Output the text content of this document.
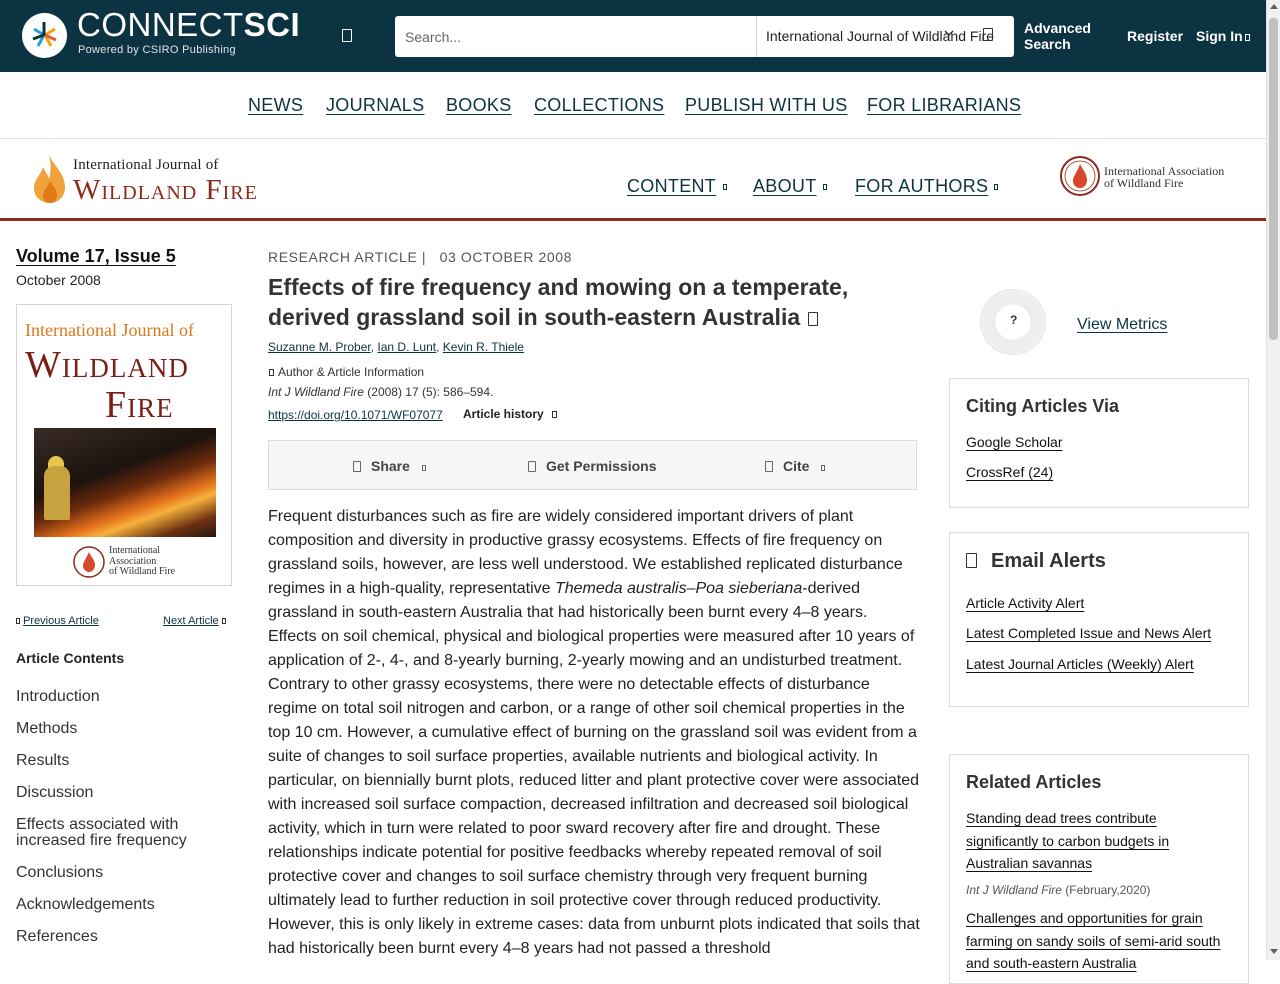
CONNECTSCI
Powered by CSIRO Publishing
Search...
International Journal of Wildland Fire Advanced Search	Register Sign In
NEWS JOURNALS BOOKS COLLECTIONS PUBLISH WITH US FOR LIBRARIANS
International Journal of
Wildland Fire	CONTENT ABOUT FOR AUTHORS
International Association
of Wildland Fire
Volume 17, Issue 5
October 2008
International Journal of
Wildland
Fire
International
Association
of Wildland Fire
Previous Article	Next Article
Article Contents
Introduction
Methods
Results
Discussion
Effects associated with increased fire frequency
Conclusions
Acknowledgements
References
RESEARCH ARTICLE |   03 OCTOBER 2008
Effects of fire frequency and mowing on a temperate, derived grassland soil in south-eastern Australia
Suzanne M. Prober, Ian D. Lunt, Kevin R. Thiele
Author & Article Information
Int J Wildland Fire (2008) 17 (5): 586–594.
https://doi.org/10.1071/WF07077 Article history
Share	Get Permissions	Cite
Frequent disturbances such as fire are widely considered important drivers of plant composition and diversity in productive grassy ecosystems. Effects of fire frequency on grassland soils, however, are less well understood. We established replicated disturbance regimes in a high-quality, representative Themeda australis–Poa sieberiana-derived grassland in south-eastern Australia that had historically been burnt every 4–8 years. Effects on soil chemical, physical and biological properties were measured after 10 years of application of 2-, 4-, and 8-yearly burning, 2-yearly mowing and an undisturbed treatment. Contrary to other grassy ecosystems, there were no detectable effects of disturbance regime on total soil nitrogen and carbon, or a range of other soil chemical properties in the top 10 cm. However, a cumulative effect of burning on the grassland soil was evident from a suite of changes to soil surface properties, available nutrients and biological activity. In particular, on biennially burnt plots, reduced litter and plant protective cover were associated with increased soil surface compaction, decreased infiltration and decreased soil biological activity, which in turn were related to poor sward recovery after fire and drought. These relationships indicate potential for positive feedbacks whereby repeated removal of soil protective cover and changes to soil surface chemistry through very frequent burning ultimately lead to further reduction in soil protective cover through reduced productivity. However, this is only likely in extreme cases: data from unburnt plots indicated that soils that had historically been burnt every 4–8 years had not passed a threshold
?	View Metrics
Citing Articles Via
Google Scholar
CrossRef (24)
Email Alerts
Article Activity Alert
Latest Completed Issue and News Alert
Latest Journal Articles (Weekly) Alert
Related Articles
Standing dead trees contribute significantly to carbon budgets in Australian savannas
Int J Wildland Fire (February,2020)
Challenges and opportunities for grain farming on sandy soils of semi-arid south and south-eastern Australia
